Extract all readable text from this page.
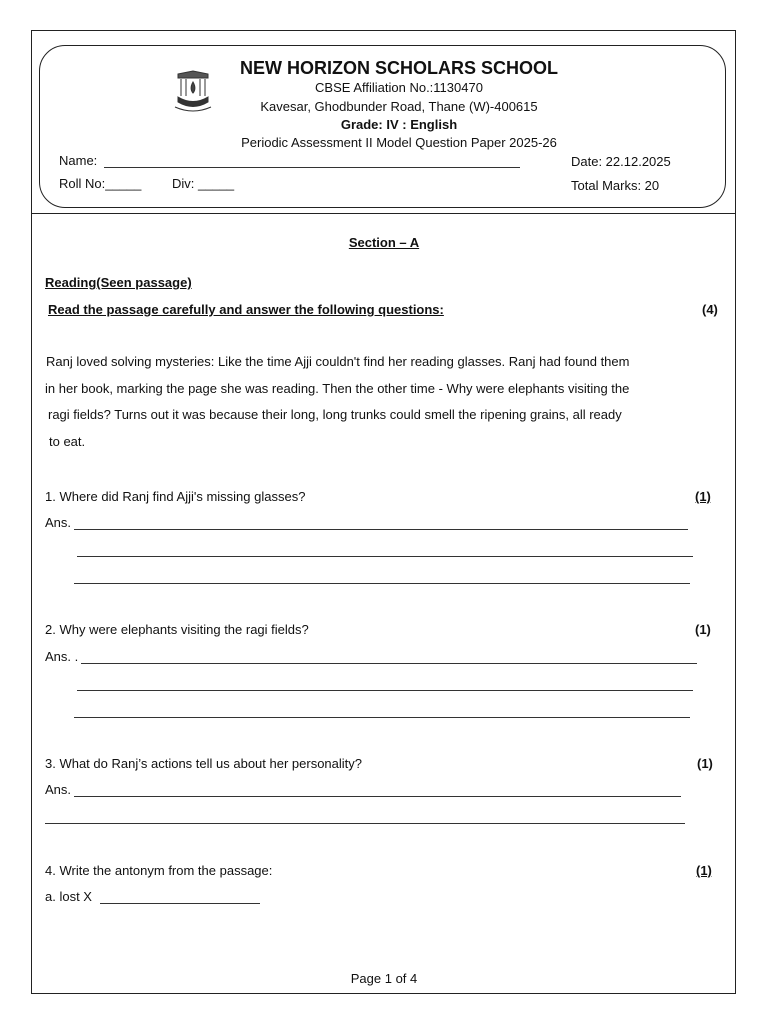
NEW HORIZON SCHOLARS SCHOOL
CBSE Affiliation No.:1130470
Kavesar, Ghodbunder Road, Thane (W)-400615
Grade: IV : English
Periodic Assessment II Model Question Paper 2025-26
Name:	Date: 22.12.2025
Roll No:_____ Div: _____	Total Marks: 20
Section – A
Reading(Seen passage)
Read the passage carefully and answer the following questions:	(4)
Ranj loved solving mysteries: Like the time Ajji couldn't find her reading glasses. Ranj had found them
in her book, marking the page she was reading. Then the other time - Why were elephants visiting the
ragi fields? Turns out it was because their long, long trunks could smell the ripening grains, all ready
to eat.
1. Where did Ranj find Ajji's missing glasses?	(1)
Ans.
2. Why were elephants visiting the ragi fields?	(1)
Ans. .
3. What do Ranj’s actions tell us about her personality?	(1)
Ans.
4. Write the antonym from the passage:	(1)
a. lost X
Page 1 of 4
